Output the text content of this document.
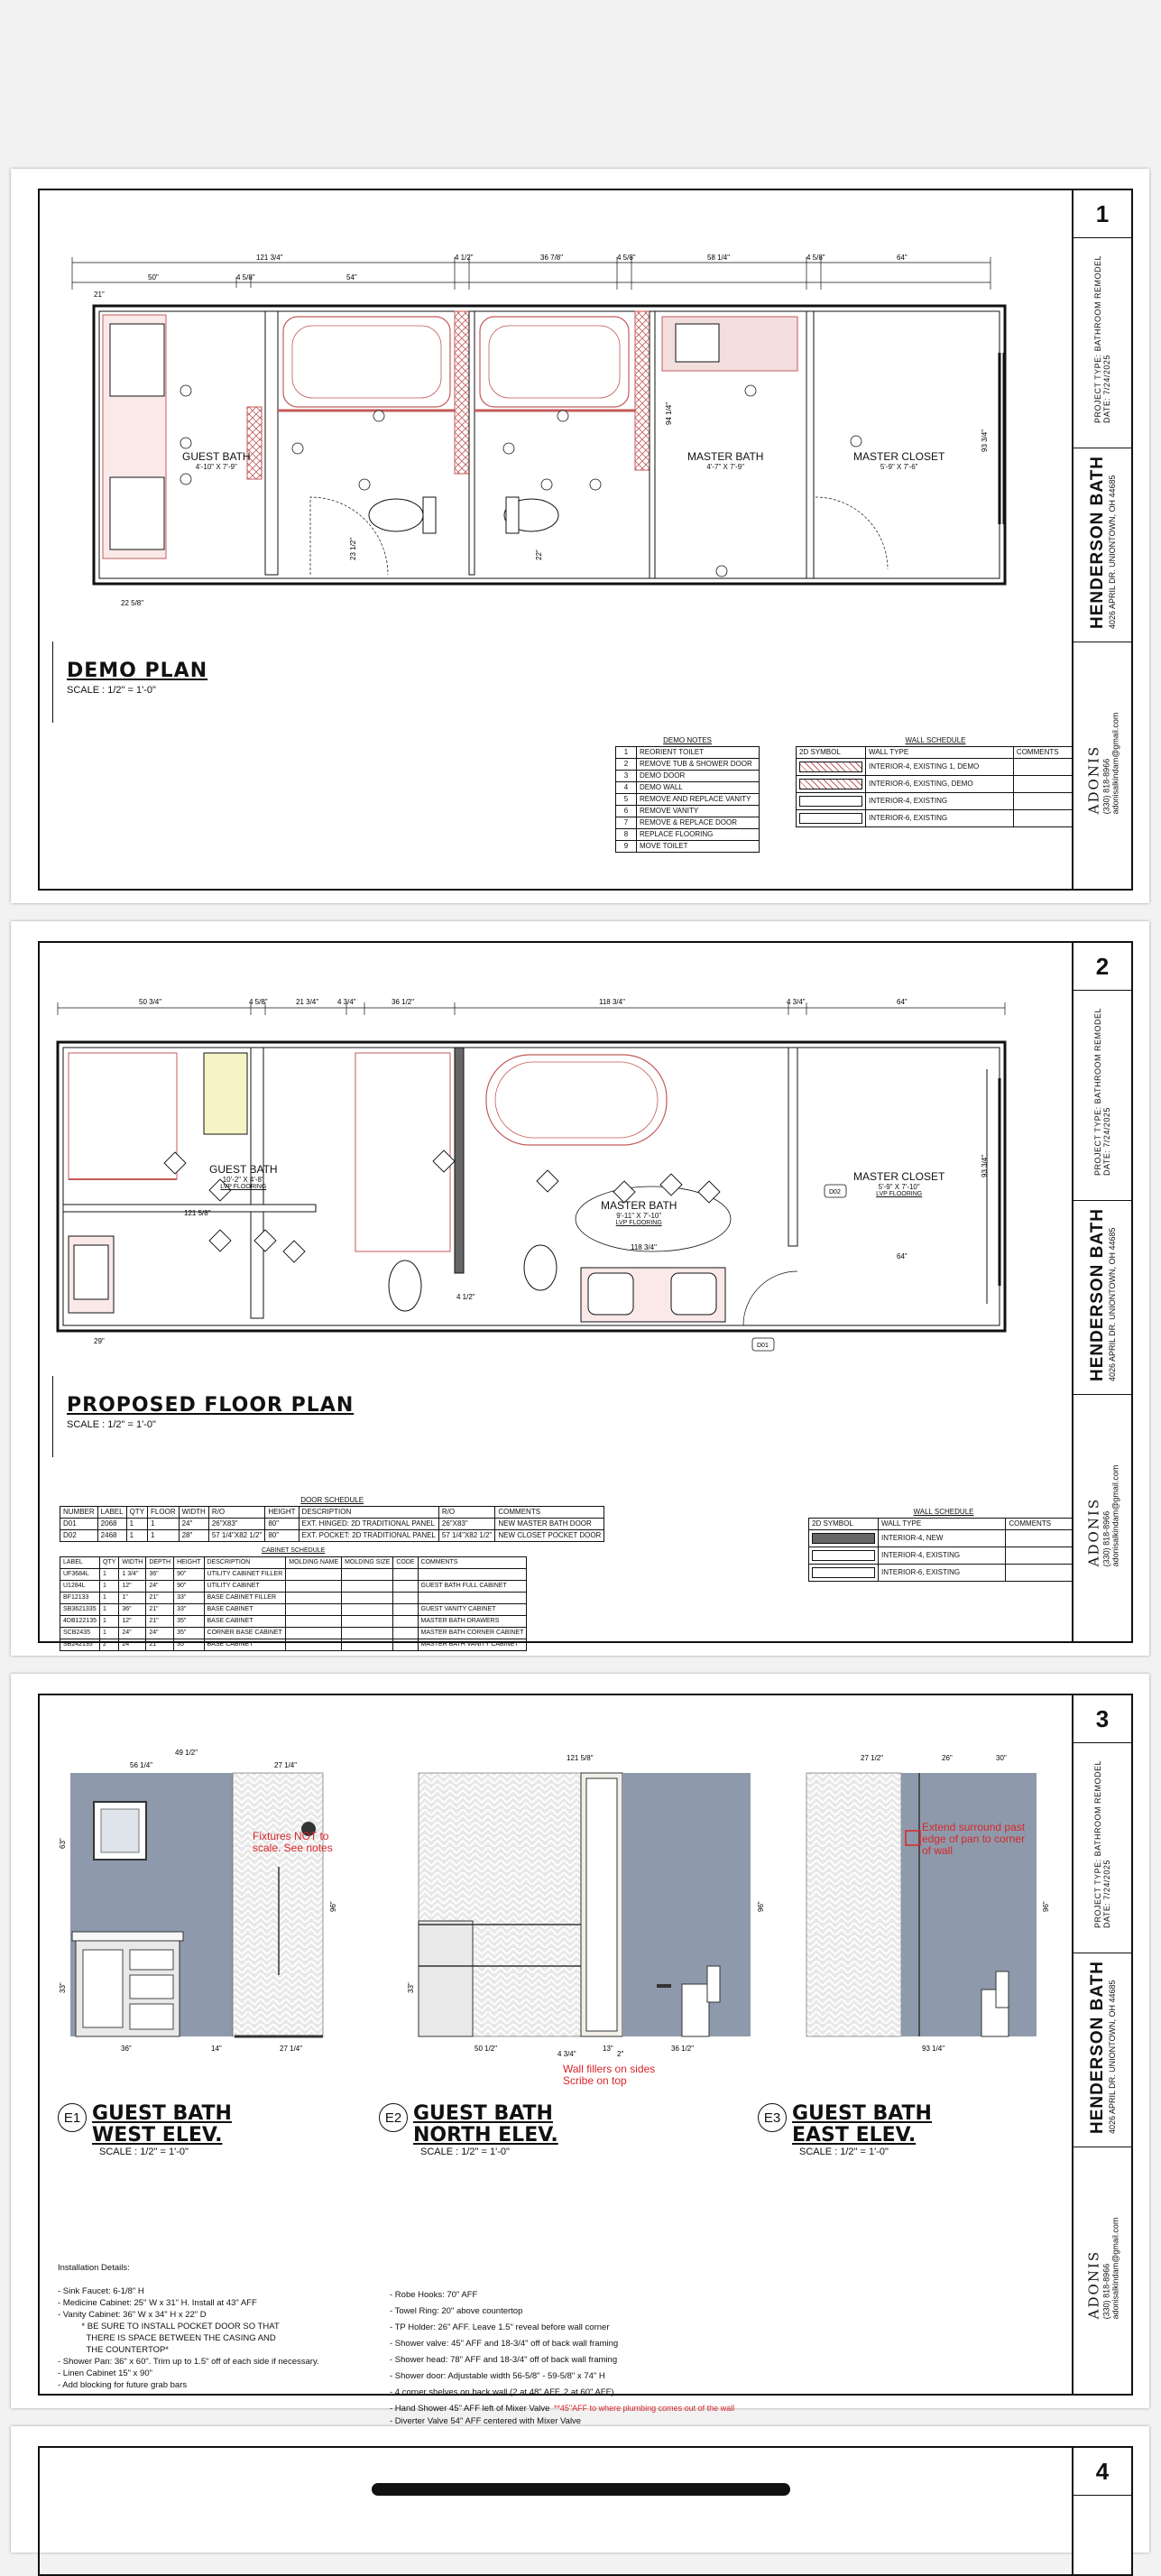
121 3/4"	4 1/2"	36 7/8"	4 5/8"	58 1/4"	4 5/8"	64"
50"	4 5/8"	54"
21"
94 1/4"
93 3/4"
23 1/2"	22"
22 5/8"
GUEST BATH
4'-10" X 7'-9"
MASTER BATH
4'-7" X 7'-9"
MASTER CLOSET
5'-9" X 7'-6"
DEMO PLAN
SCALE : 1/2" = 1'-0"
DEMO NOTES	
1	REORIENT TOILET
2	REMOVE TUB & SHOWER DOOR
3	DEMO DOOR
4	DEMO WALL
5	REMOVE AND REPLACE VANITY
6	REMOVE VANITY
7	REMOVE & REPLACE DOOR
8	REPLACE FLOORING
9	MOVE TOILET
WALL SCHEDULE		
2D SYMBOL	WALL TYPE	COMMENTS

	INTERIOR-4, EXISTING 1, DEMO	

	INTERIOR-6, EXISTING, DEMO	

	INTERIOR-4, EXISTING	

	INTERIOR-6, EXISTING	
1
PROJECT TYPE: BATHROOM REMODEL DATE: 7/24/2025
HENDERSON BATH 4026 APRIL DR. UNIONTOWN, OH 44685
ADONIS (330) 818-8966 adonisalkindam@gmail.com
50 3/4"	4 5/8"	21 3/4"	4 3/4"	36 1/2"	118 3/4"	4 3/4"	64"
D02
D01
121 5/8"
118 3/4"
64"
29"
93 3/4"
4 1/2"
GUEST BATH
10'-2" X 4'-8"
LVP FLOORING
MASTER BATH
9'-11" X 7'-10"
LVP FLOORING
MASTER CLOSET
5'-9" X 7'-10"
LVP FLOORING
PROPOSED FLOOR PLAN
SCALE : 1/2" = 1'-0"
DOOR SCHEDULE									
NUMBER	LABEL	QTY	FLOOR	WIDTH	R/O	HEIGHT	DESCRIPTION	R/O	COMMENTS
D01	2068	1	1	24"	26"X83"	80"	EXT. HINGED: 2D TRADITIONAL PANEL	26"X83"	NEW MASTER BATH DOOR
D02	2468	1	1	28"	57 1/4"X82 1/2"	80"	EXT. POCKET: 2D TRADITIONAL PANEL	57 1/4"X82 1/2"	NEW CLOSET POCKET DOOR
CABINET SCHEDULE									
LABEL	QTY	WIDTH	DEPTH	HEIGHT	DESCRIPTION	MOLDING NAME	MOLDING SIZE	CODE	COMMENTS
UF3684L	1	1 3/4"	36"	90"	UTILITY CABINET FILLER				
U1284L	1	12"	24"	90"	UTILITY CABINET				GUEST BATH FULL CABINET
BF12133	1	1"	21"	33"	BASE CABINET FILLER				
SB3621335	1	36"	21"	33"	BASE CABINET				GUEST VANITY CABINET
4DB122135	1	12"	21"	35"	BASE CABINET				MASTER BATH DRAWERS
SCB2435	1	24"	24"	35"	CORNER BASE CABINET				MASTER BATH CORNER CABINET
SB242135	2	24"	21"	35"	BASE CABINET				MASTER BATH VANITY CABINET
WALL SCHEDULE		
2D SYMBOL	WALL TYPE	COMMENTS

	INTERIOR-4, NEW	

	INTERIOR-4, EXISTING	

	INTERIOR-6, EXISTING	
2
PROJECT TYPE: BATHROOM REMODEL DATE: 7/24/2025
HENDERSON BATH 4026 APRIL DR. UNIONTOWN, OH 44685
ADONIS (330) 818-8966 adonisalkindam@gmail.com
49 1/2"
56 1/4"	27 1/4"
121 5/8"	27 1/2"	26"	30"
36"	14"	27 1/4"	50 1/2"
4 3/4"
13"
2"
36 1/2"	93 1/4"
63"
33"
96"
33"
96"	96"
Fixtures NOT to
scale. See notes
Extend surround past
edge of pan to corner
of wall
Wall fillers on sides
Scribe on top
E1 GUEST BATH
WEST ELEV.
SCALE : 1/2" = 1'-0"
E2 GUEST BATH
NORTH ELEV.
SCALE : 1/2" = 1'-0"
E3 GUEST BATH
EAST ELEV.
SCALE : 1/2" = 1'-0"
Installation Details:
- Sink Faucet: 6-1/8" H
- Medicine Cabinet: 25" W x 31" H. Install at 43" AFF
- Vanity Cabinet: 36" W x 34" H x 22" D
* BE SURE TO INSTALL POCKET DOOR SO THAT
THERE IS SPACE BETWEEN THE CASING AND
THE COUNTERTOP*
- Shower Pan: 36" x 60". Trim up to 1.5" off of each side if necessary.
- Linen Cabinet 15" x 90"
- Add blocking for future grab bars
- Robe Hooks: 70" AFF
- Towel Ring: 20" above countertop
- TP Holder: 26" AFF. Leave 1.5" reveal before wall corner
- Shower valve: 45" AFF and 18-3/4" off of back wall framing
- Shower head: 78" AFF and 18-3/4" off of back wall framing
- Shower door: Adjustable width 56-5/8" - 59-5/8" x 74" H
- 4 corner shelves on back wall (2 at 48" AFF, 2 at 60" AFF)
- Hand Shower 45" AFF left of Mixer Valve **45"AFF to where plumbing comes out of the wall
- Diverter Valve 54" AFF centered with Mixer Valve
3
PROJECT TYPE: BATHROOM REMODEL DATE: 7/24/2025
HENDERSON BATH 4026 APRIL DR. UNIONTOWN, OH 44685
ADONIS (330) 818-8966 adonisalkindam@gmail.com
4
